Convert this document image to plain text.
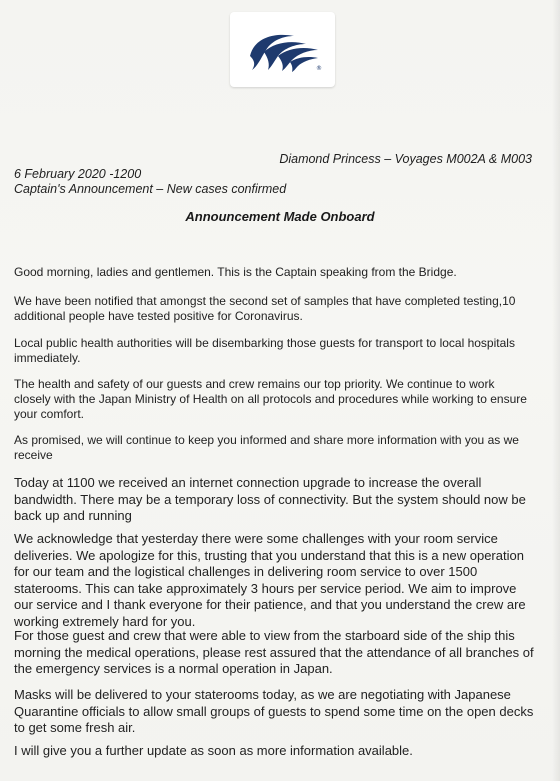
®
Diamond Princess – Voyages M002A & M003
6 February 2020 -1200
Captain's Announcement – New cases confirmed
Announcement Made Onboard

Good morning, ladies and gentlemen. This is the Captain speaking from the Bridge.

We have been notified that amongst the second set of samples that have completed testing,10 additional people have tested positive for Coronavirus.

Local public health authorities will be disembarking those guests for transport to local hospitals immediately.

The health and safety of our guests and crew remains our top priority. We continue to work closely with the Japan Ministry of Health on all protocols and procedures while working to ensure your comfort.

As promised, we will continue to keep you informed and share more information with you as we receive

Today at 1100 we received an internet connection upgrade to increase the overall bandwidth. There may be a temporary loss of connectivity. But the system should now be back up and running

We acknowledge that yesterday there were some challenges with your room service deliveries. We apologize for this, trusting that you understand that this is a new operation for our team and the logistical challenges in delivering room service to over 1500 staterooms. This can take approximately 3 hours per service period. We aim to improve our service and I thank everyone for their patience, and that you understand the crew are working extremely hard for you.

For those guest and crew that were able to view from the starboard side of the ship this morning the medical operations, please rest assured that the attendance of all branches of the emergency services is a normal operation in Japan.

Masks will be delivered to your staterooms today, as we are negotiating with Japanese Quarantine officials to allow small groups of guests to spend some time on the open decks to get some fresh air.

I will give you a further update as soon as more information available.
